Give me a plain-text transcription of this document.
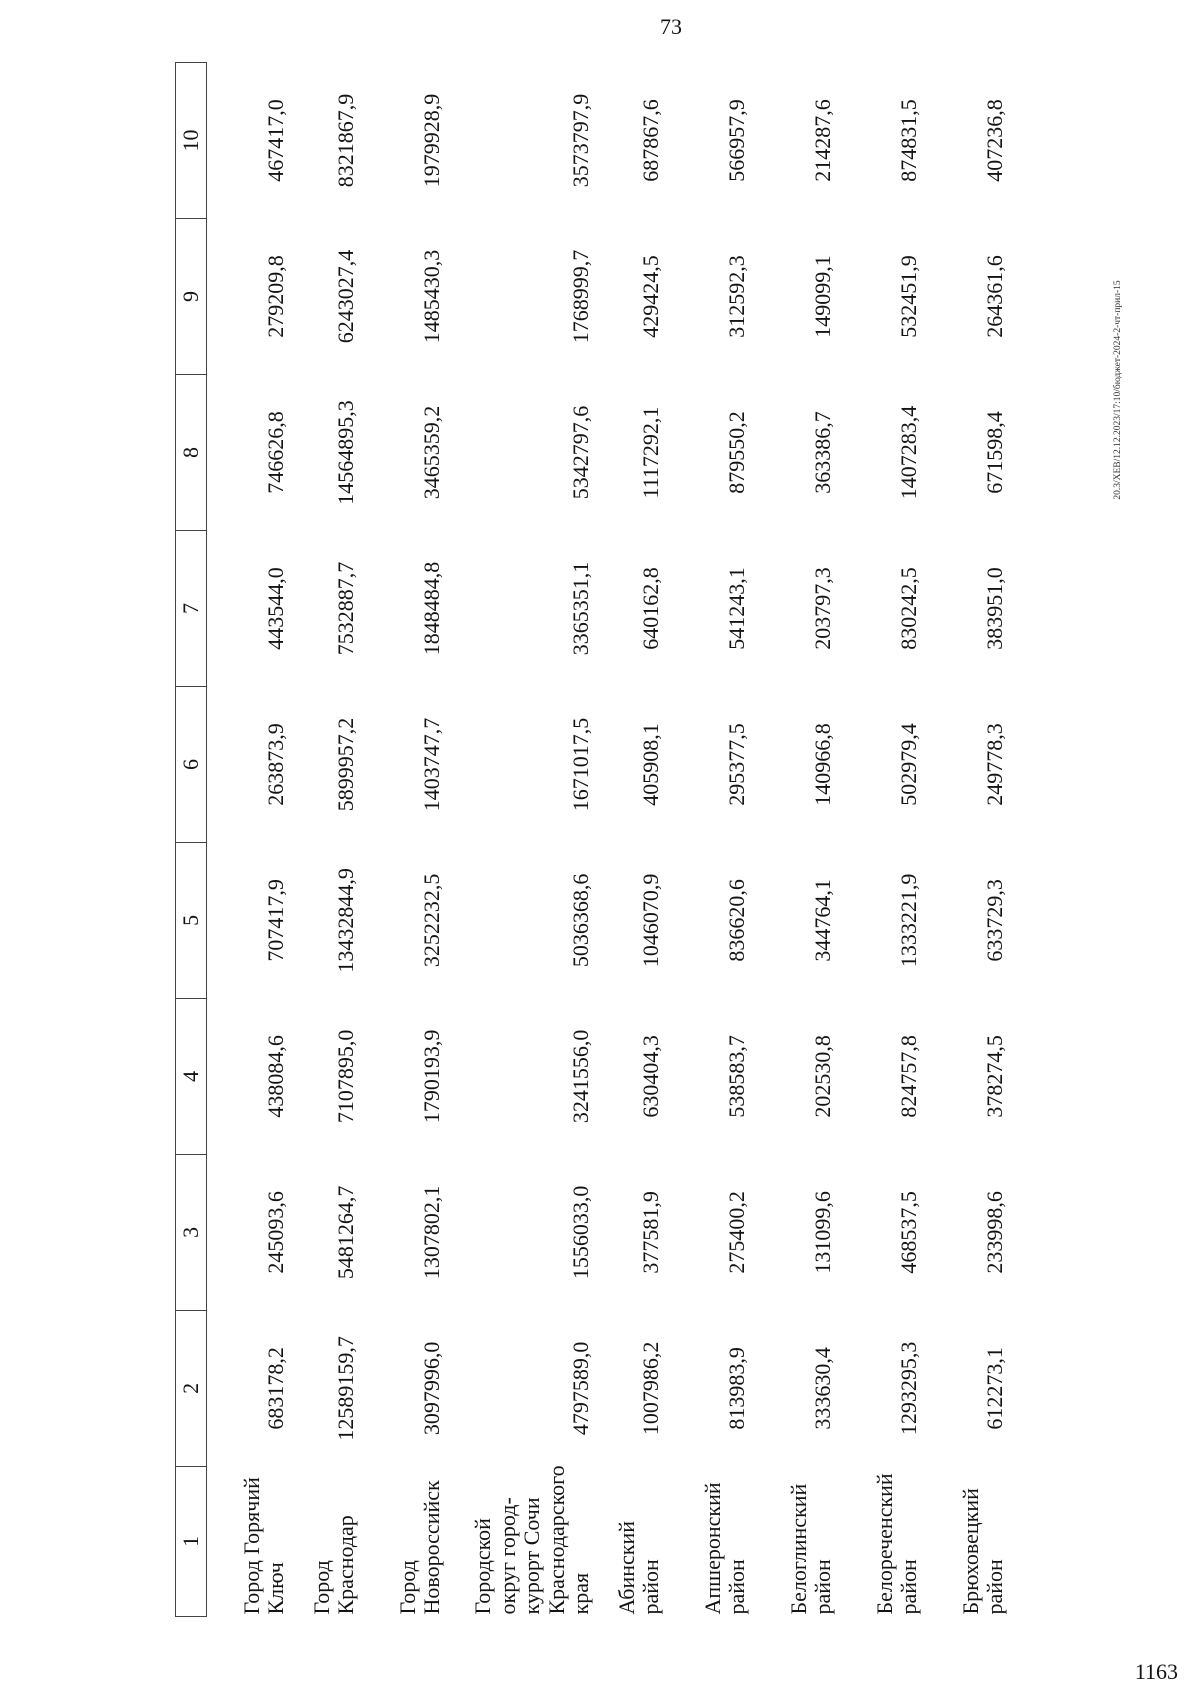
73
20.3/ХЕВ/12.12.2023/17:10/бюджет-2024-2-чт-прил-15
1	2	3	4	5	6	7	8	9	10
Город Горячий Ключ	683178,2	245093,6	438084,6	707417,9	263873,9	443544,0	746626,8	279209,8	467417,0
Город Краснодар	12589159,7	5481264,7	7107895,0	13432844,9	5899957,2	7532887,7	14564895,3	6243027,4	8321867,9
Город Новороссийск	3097996,0	1307802,1	1790193,9	3252232,5	1403747,7	1848484,8	3465359,2	1485430,3	1979928,9
Городской округ город-курорт Сочи Краснодарского края	4797589,0	1556033,0	3241556,0	5036368,6	1671017,5	3365351,1	5342797,6	1768999,7	3573797,9
Абинский район	1007986,2	377581,9	630404,3	1046070,9	405908,1	640162,8	1117292,1	429424,5	687867,6
Апшеронский район	813983,9	275400,2	538583,7	836620,6	295377,5	541243,1	879550,2	312592,3	566957,9
Белоглинский район	333630,4	131099,6	202530,8	344764,1	140966,8	203797,3	363386,7	149099,1	214287,6
Белореченский район	1293295,3	468537,5	824757,8	1333221,9	502979,4	830242,5	1407283,4	532451,9	874831,5
Брюховецкий район	612273,1	233998,6	378274,5	633729,3	249778,3	383951,0	671598,4	264361,6	407236,8
1163
